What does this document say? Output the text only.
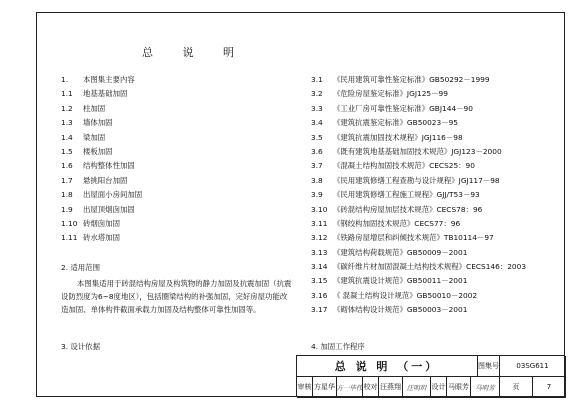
总 说 明
1.	本图集主要内容
1.1	地基基础加固
1.2	柱加固
1.3	墙体加固
1.4	梁加固
1.5	楼板加固
1.6	结构整体性加固
1.7	悬挑阳台加固
1.8	出屋面小房间加固
1.9	出屋顶烟囱加固
1.10 砖烟囱加固
1.11 砖水塔加固
2. 适用范围
本图集适用于砖混结构房屋及构筑物的静力加固及抗震加固（抗震设防烈度为6~8度地区），包括圈梁结构的补强加固，完好房屋功能改造加固、单体构件截面承载力加固及结构整体可靠性加固等。
3. 设计依据
3.1	《民用建筑可靠性鉴定标准》GB50292－1999
3.2	《危险房屋鉴定标准》JGJ125－99
3.3	《工业厂房可靠性鉴定标准》GBJ144－90
3.4	《建筑抗震鉴定标准》GB50023－95
3.5	《建筑抗震加固技术规程》JGJ116－98
3.6	《既有建筑地基基础加固技术规范》JGJ123－2000
3.7	《混凝土结构加固技术规范》CECS25：90
3.8	《民用建筑修缮工程查勘与设计规程》JGJ117－98
3.9	《民用建筑修缮工程施工规程》GJJ/T53－93
3.10 《砖混结构房屋加层技术规范》CECS78：96
3.11 《钢绞构加固技术规范》CECS77：96
3.12 《铁路房屋增层和纠倾技术规范》TB10114－97
3.13 《建筑结构荷载规范》GB50009－2001
3.14 《碳纤维片材加固混凝土结构技术规程》CECS146：2003
3.15 《建筑抗震设计规范》GB50011－2001
3.16 《 混凝土结构设计规范》GB50010－2002
3.17 《砌体结构设计规范》GB50003－2001
4. 加固工作程序
总 说 明 （一）	图集号	03SG611
审核 方星华 方一毕伟 校对 汪燕翔 汪明玥 设计 马眼芳 马明芳	页	7
